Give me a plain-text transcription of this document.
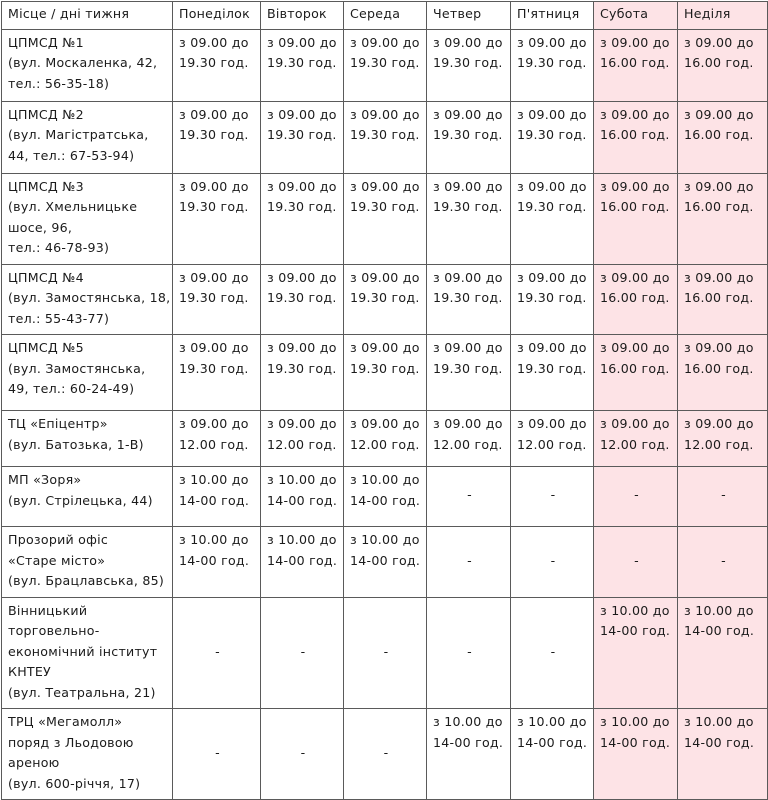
Місце / дні тижня	Понеділок	Вівторок	Середа	Четвер	П'ятниця	Субота	Неділя

ЦПМСД №1
(вул. Москаленка, 42,
тел.: 56-35-18)	з 09.00 до 19.30 год.	з 09.00 до 19.30 год.	з 09.00 до 19.30 год.	з 09.00 до 19.30 год.	з 09.00 до 19.30 год.	з 09.00 до 16.00 год.	з 09.00 до 16.00 год.

ЦПМСД №2
(вул. Магістратська,
44, тел.: 67-53-94)	з 09.00 до 19.30 год.	з 09.00 до 19.30 год.	з 09.00 до 19.30 год.	з 09.00 до 19.30 год.	з 09.00 до 19.30 год.	з 09.00 до 16.00 год.	з 09.00 до 16.00 год.

ЦПМСД №3
(вул. Хмельницьке
шосе, 96,
тел.: 46-78-93)	з 09.00 до 19.30 год.	з 09.00 до 19.30 год.	з 09.00 до 19.30 год.	з 09.00 до 19.30 год.	з 09.00 до 19.30 год.	з 09.00 до 16.00 год.	з 09.00 до 16.00 год.

ЦПМСД №4
(вул. Замостянська, 18,
тел.: 55-43-77)	з 09.00 до 19.30 год.	з 09.00 до 19.30 год.	з 09.00 до 19.30 год.	з 09.00 до 19.30 год.	з 09.00 до 19.30 год.	з 09.00 до 16.00 год.	з 09.00 до 16.00 год.

ЦПМСД №5
(вул. Замостянська,
49, тел.: 60-24-49)	з 09.00 до 19.30 год.	з 09.00 до 19.30 год.	з 09.00 до 19.30 год.	з 09.00 до 19.30 год.	з 09.00 до 19.30 год.	з 09.00 до 16.00 год.	з 09.00 до 16.00 год.

ТЦ «Епіцентр»
(вул. Батозька, 1-В)	з 09.00 до 12.00 год.	з 09.00 до 12.00 год.	з 09.00 до 12.00 год.	з 09.00 до 12.00 год.	з 09.00 до 12.00 год.	з 09.00 до 12.00 год.	з 09.00 до 12.00 год.

МП «Зоря»
(вул. Стрілецька, 44)	з 10.00 до 14-00 год.	з 10.00 до 14-00 год.	з 10.00 до 14-00 год.	-	-	-	-

Прозорий офіс
«Старе місто»
(вул. Брацлавська, 85)	з 10.00 до 14-00 год.	з 10.00 до 14-00 год.	з 10.00 до 14-00 год.	-	-	-	-

Вінницький
торговельно-
економічний інститут
КНТЕУ
(вул. Театральна, 21)	-	-	-	-	-	з 10.00 до 14-00 год.	з 10.00 до 14-00 год.

ТРЦ «Мегамолл»
поряд з Льодовою
ареною
(вул. 600-річчя, 17)	-	-	-	з 10.00 до 14-00 год.	з 10.00 до 14-00 год.	з 10.00 до 14-00 год.	з 10.00 до 14-00 год.
